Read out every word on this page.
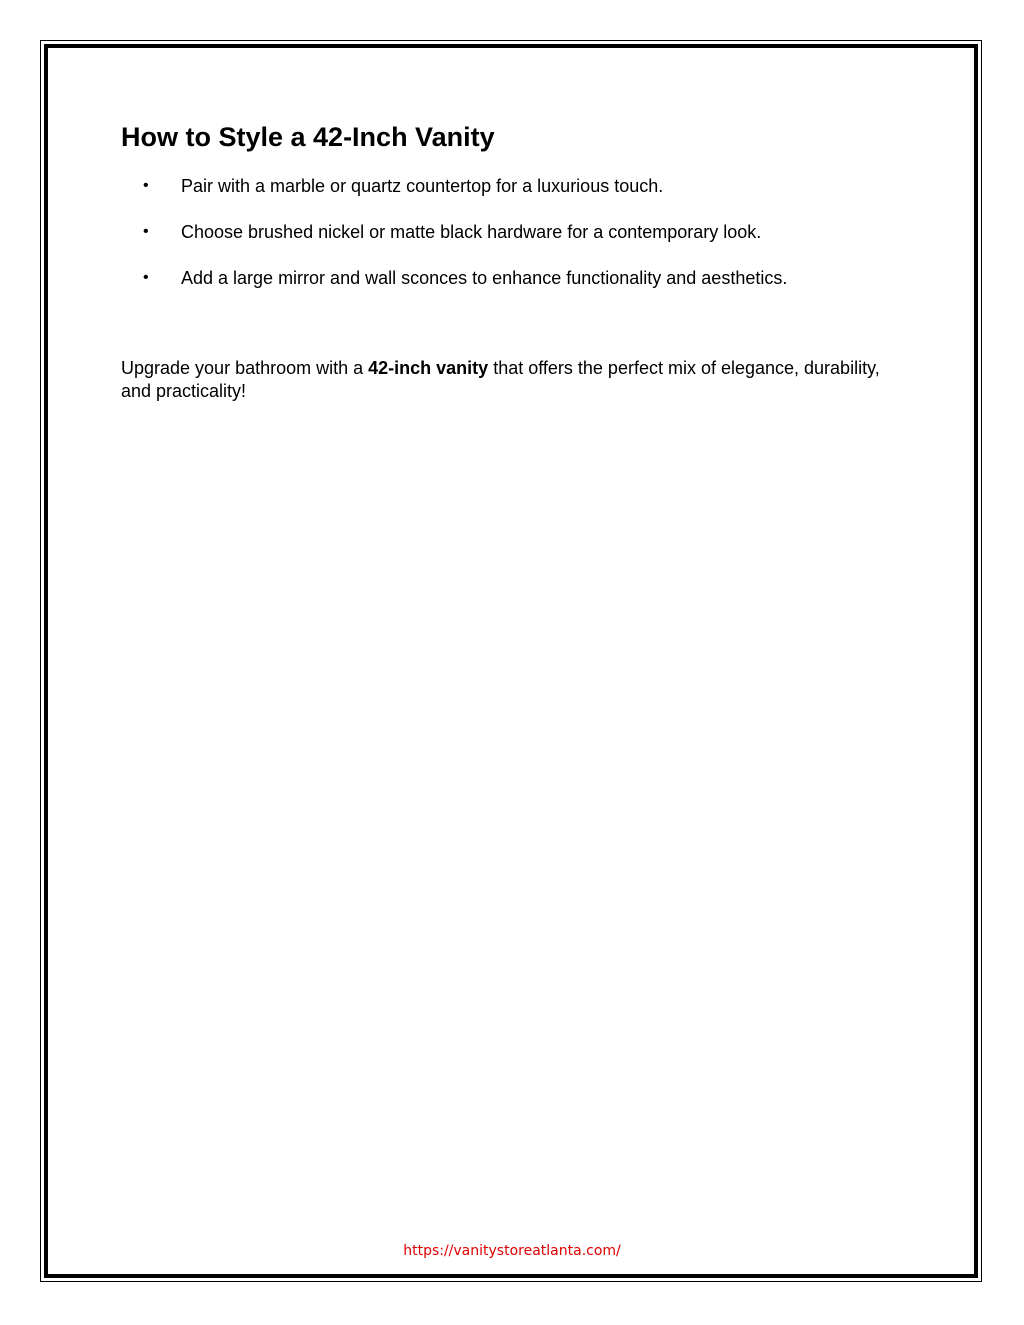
How to Style a 42-Inch Vanity
• Pair with a marble or quartz countertop for a luxurious touch.
• Choose brushed nickel or matte black hardware for a contemporary look.
• Add a large mirror and wall sconces to enhance functionality and aesthetics.

Upgrade your bathroom with a 42-inch vanity that offers the perfect mix of elegance, durability, and practicality!

https://vanitystoreatlanta.com/
